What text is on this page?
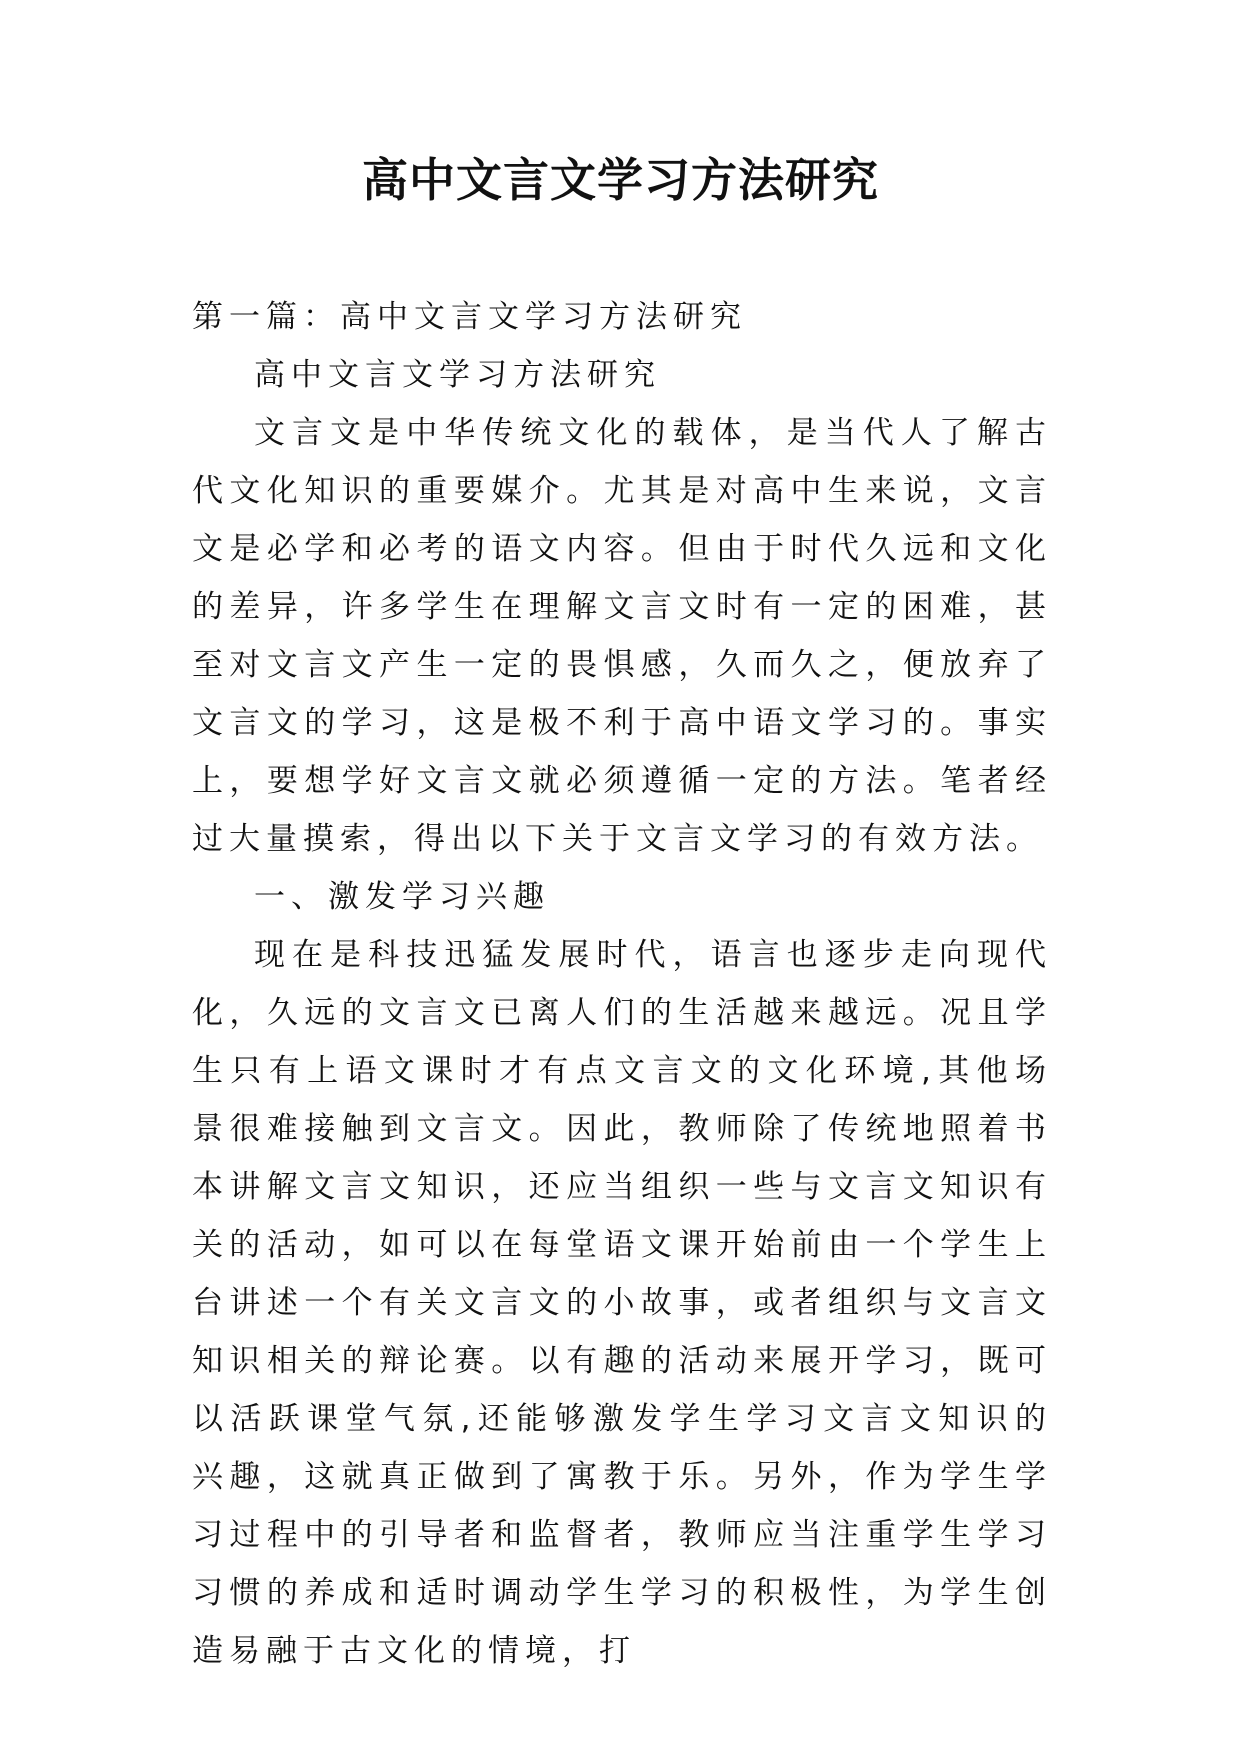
高中文言文学习方法研究

第一篇：高中文言文学习方法研究

高中文言文学习方法研究

文言文是中华传统文化的载体，是当代人了解古代文化知识的重要媒介。尤其是对高中生来说，文言文是必学和必考的语文内容。但由于时代久远和文化的差异，许多学生在理解文言文时有一定的困难，甚至对文言文产生一定的畏惧感，久而久之，便放弃了文言文的学习，这是极不利于高中语文学习的。事实上，要想学好文言文就必须遵循一定的方法。笔者经过大量摸索，得出以下关于文言文学习的有效方法。

一、激发学习兴趣

现在是科技迅猛发展时代，语言也逐步走向现代化，久远的文言文已离人们的生活越来越远。况且学生只有上语文课时才有点文言文的文化环境,其他场景很难接触到文言文。因此，教师除了传统地照着书本讲解文言文知识，还应当组织一些与文言文知识有关的活动，如可以在每堂语文课开始前由一个学生上台讲述一个有关文言文的小故事，或者组织与文言文知识相关的辩论赛。以有趣的活动来展开学习，既可以活跃课堂气氛,还能够激发学生学习文言文知识的兴趣，这就真正做到了寓教于乐。另外，作为学生学习过程中的引导者和监督者，教师应当注重学生学习习惯的养成和适时调动学生学习的积极性，为学生创造易融于古文化的情境，打
